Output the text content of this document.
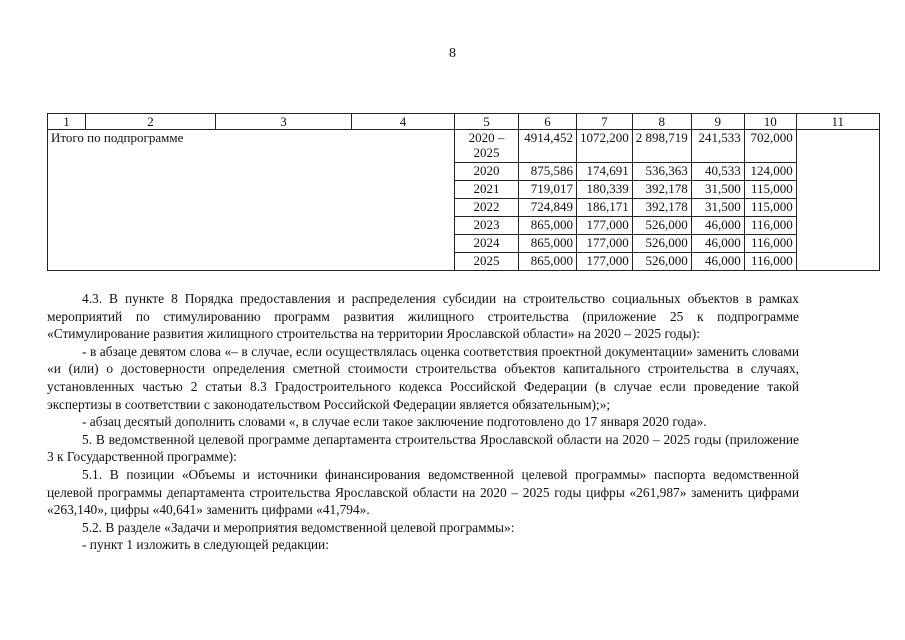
8
1	2	3	4	5	6	7	8	9	10	11
Итого по подпрограмме				2020 – 2025	4914,452	1072,200	2 898,719	241,533	702,000	
				2020	875,586	174,691	536,363	40,533	124,000	
				2021	719,017	180,339	392,178	31,500	115,000	
				2022	724,849	186,171	392,178	31,500	115,000	
				2023	865,000	177,000	526,000	46,000	116,000	
				2024	865,000	177,000	526,000	46,000	116,000	
				2025	865,000	177,000	526,000	46,000	116,000	

4.3. В пункте 8 Порядка предоставления и распределения субсидии на строительство социальных объектов в рамках мероприятий по стимулированию программ развития жилищного строительства (приложение 25 к подпрограмме «Стимулирование развития жилищного строительства на территории Ярославской области» на 2020 – 2025 годы):

- в абзаце девятом слова «– в случае, если осуществлялась оценка соответствия проектной документации» заменить словами «и (или) о достоверности определения сметной стоимости строительства объектов капитального строительства в случаях, установленных частью 2 статьи 8.3 Градостроительного кодекса Российской Федерации (в случае если проведение такой экспертизы в соответствии с законодательством Российской Федерации является обязательным);»;

- абзац десятый дополнить словами «, в случае если такое заключение подготовлено до 17 января 2020 года».

5. В ведомственной целевой программе департамента строительства Ярославской области на 2020 – 2025 годы (приложение 3 к Государственной программе):

5.1. В позиции «Объемы и источники финансирования ведомственной целевой программы» паспорта ведомственной целевой программы департамента строительства Ярославской области на 2020 – 2025 годы цифры «261,987» заменить цифрами «263,140», цифры «40,641» заменить цифрами «41,794».

5.2. В разделе «Задачи и мероприятия ведомственной целевой программы»:

- пункт 1 изложить в следующей редакции:
